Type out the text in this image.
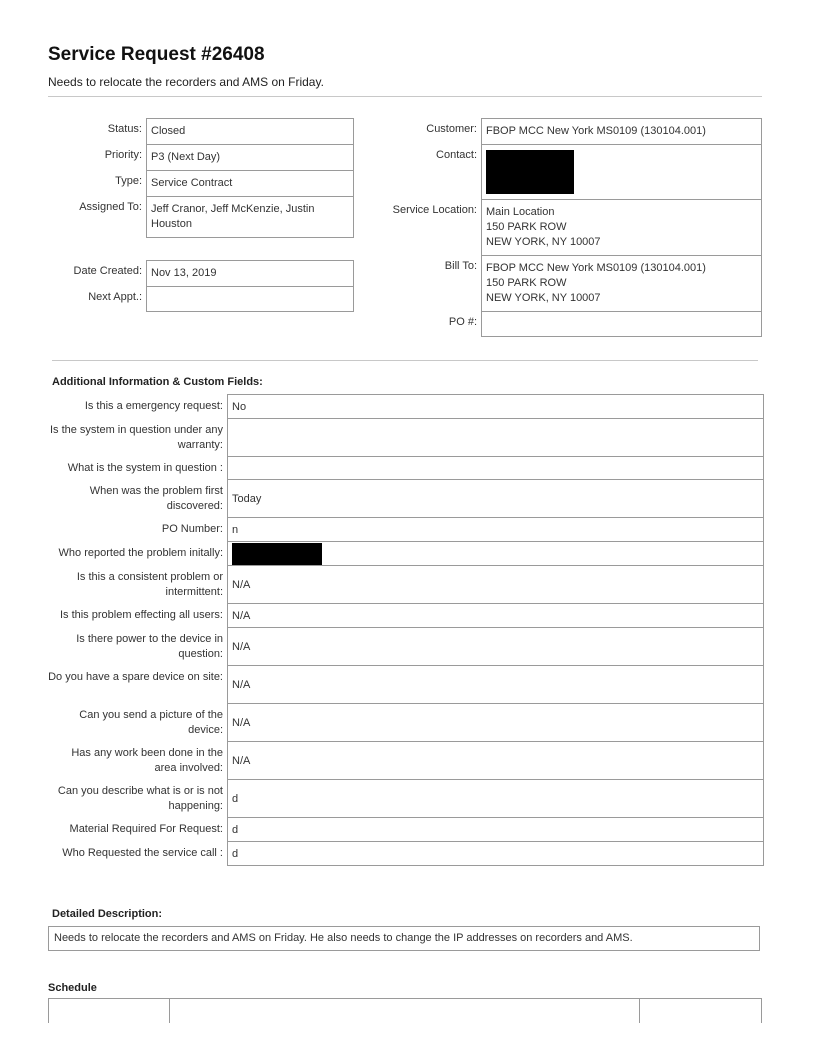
Service Request #26408
Needs to relocate the recorders and AMS on Friday.
Status:	Closed
Priority:	P3 (Next Day)
Type:	Service Contract
Assigned To:	Jeff Cranor, Jeff McKenzie, Justin Houston

Date Created:	Nov 13, 2019
Next Appt.:	
Customer:	FBOP MCC New York MS0109 (130104.001)
Contact:	

Service Location:	Main Location
150 PARK ROW
NEW YORK, NY 10007

Bill To:	FBOP MCC New York MS0109 (130104.001)
150 PARK ROW
NEW YORK, NY 10007

PO #:	
Additional Information & Custom Fields:
Is this a emergency request:	No
Is the system in question under any warranty:	
What is the system in question :	
When was the problem first discovered:	Today
PO Number:	n
Who reported the problem initally:	

Is this a consistent problem or intermittent:	N/A
Is this problem effecting all users:	N/A
Is there power to the device in question:	N/A
Do you have a spare device on site:	N/A
Can you send a picture of the device:	N/A
Has any work been done in the area involved:	N/A
Can you describe what is or is not happening:	d
Material Required For Request:	d
Who Requested the service call :	d
Detailed Description:
Needs to relocate the recorders and AMS on Friday. He also needs to change the IP addresses on recorders and AMS.
Schedule
